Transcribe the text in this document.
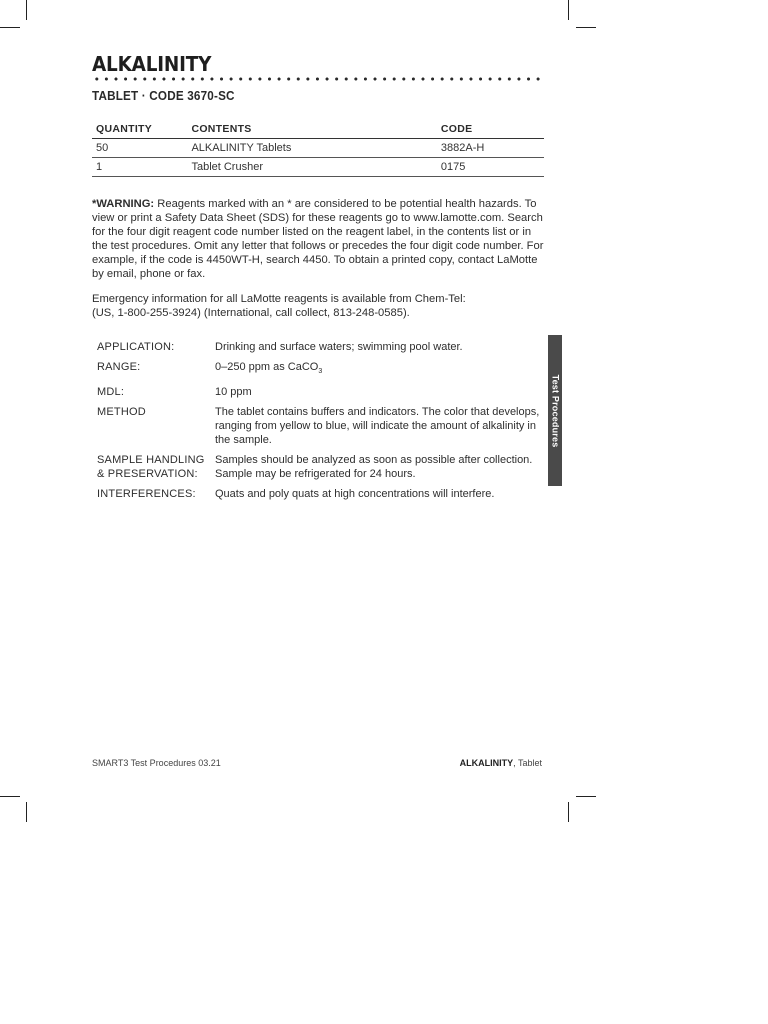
ALKALINITY
TABLET · CODE 3670-SC
QUANTITY	CONTENTS	CODE
50	ALKALINITY Tablets	3882A-H
1	Tablet Crusher	0175

*WARNING: Reagents marked with an * are considered to be potential health hazards. To view or print a Safety Data Sheet (SDS) for these reagents go to www.lamotte.com. Search for the four digit reagent code number listed on the reagent label, in the contents list or in the test procedures. Omit any letter that follows or precedes the four digit code number. For example, if the code is 4450WT-H, search 4450. To obtain a printed copy, contact LaMotte by email, phone or fax.

Emergency information for all LaMotte reagents is available from Chem-Tel:
(US, 1-800-255-3924) (International, call collect, 813-248-0585).

APPLICATION:	Drinking and surface waters; swimming pool water.
RANGE:	0–250 ppm as CaCO$_3$
MDL:	10 ppm
METHOD	The tablet contains buffers and indicators. The color that develops, ranging from yellow to blue, will indicate the amount of alkalinity in the sample.
SAMPLE HANDLING
& PRESERVATION:	Samples should be analyzed as soon as possible after collection. Sample may be refrigerated for 24 hours.
INTERFERENCES:	Quats and poly quats at high concentrations will interfere.
Test Procedures
SMART3 Test Procedures 03.21	ALKALINITY, Tablet
